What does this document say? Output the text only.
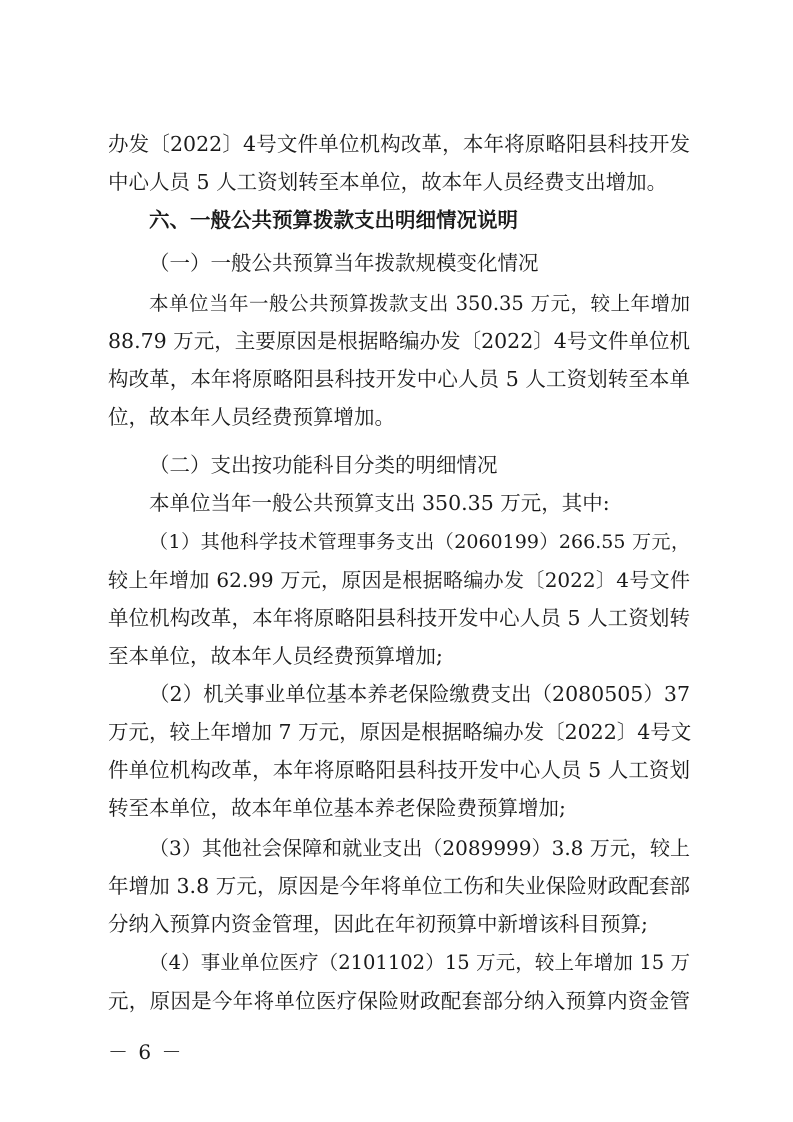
办发〔2022〕4号文件单位机构改革，本年将原略阳县科技开发
中心人员 5 人工资划转至本单位，故本年人员经费支出增加。
六、一般公共预算拨款支出明细情况说明
（一）一般公共预算当年拨款规模变化情况
本单位当年一般公共预算拨款支出 350.35 万元，较上年增加
88.79 万元，主要原因是根据略编办发〔2022〕4号文件单位机
构改革，本年将原略阳县科技开发中心人员 5 人工资划转至本单
位，故本年人员经费预算增加。
（二）支出按功能科目分类的明细情况
本单位当年一般公共预算支出 350.35 万元，其中:
（1）其他科学技术管理事务支出（2060199）266.55 万元，
较上年增加 62.99 万元，原因是根据略编办发〔2022〕4号文件
单位机构改革，本年将原略阳县科技开发中心人员 5 人工资划转
至本单位，故本年人员经费预算增加;
（2）机关事业单位基本养老保险缴费支出（2080505）37
万元，较上年增加 7 万元，原因是根据略编办发〔2022〕4号文
件单位机构改革，本年将原略阳县科技开发中心人员 5 人工资划
转至本单位，故本年单位基本养老保险费预算增加;
（3）其他社会保障和就业支出（2089999）3.8 万元，较上
年增加 3.8 万元，原因是今年将单位工伤和失业保险财政配套部
分纳入预算内资金管理，因此在年初预算中新增该科目预算;
（4）事业单位医疗（2101102）15 万元，较上年增加 15 万
元，原因是今年将单位医疗保险财政配套部分纳入预算内资金管
－ 6 －
